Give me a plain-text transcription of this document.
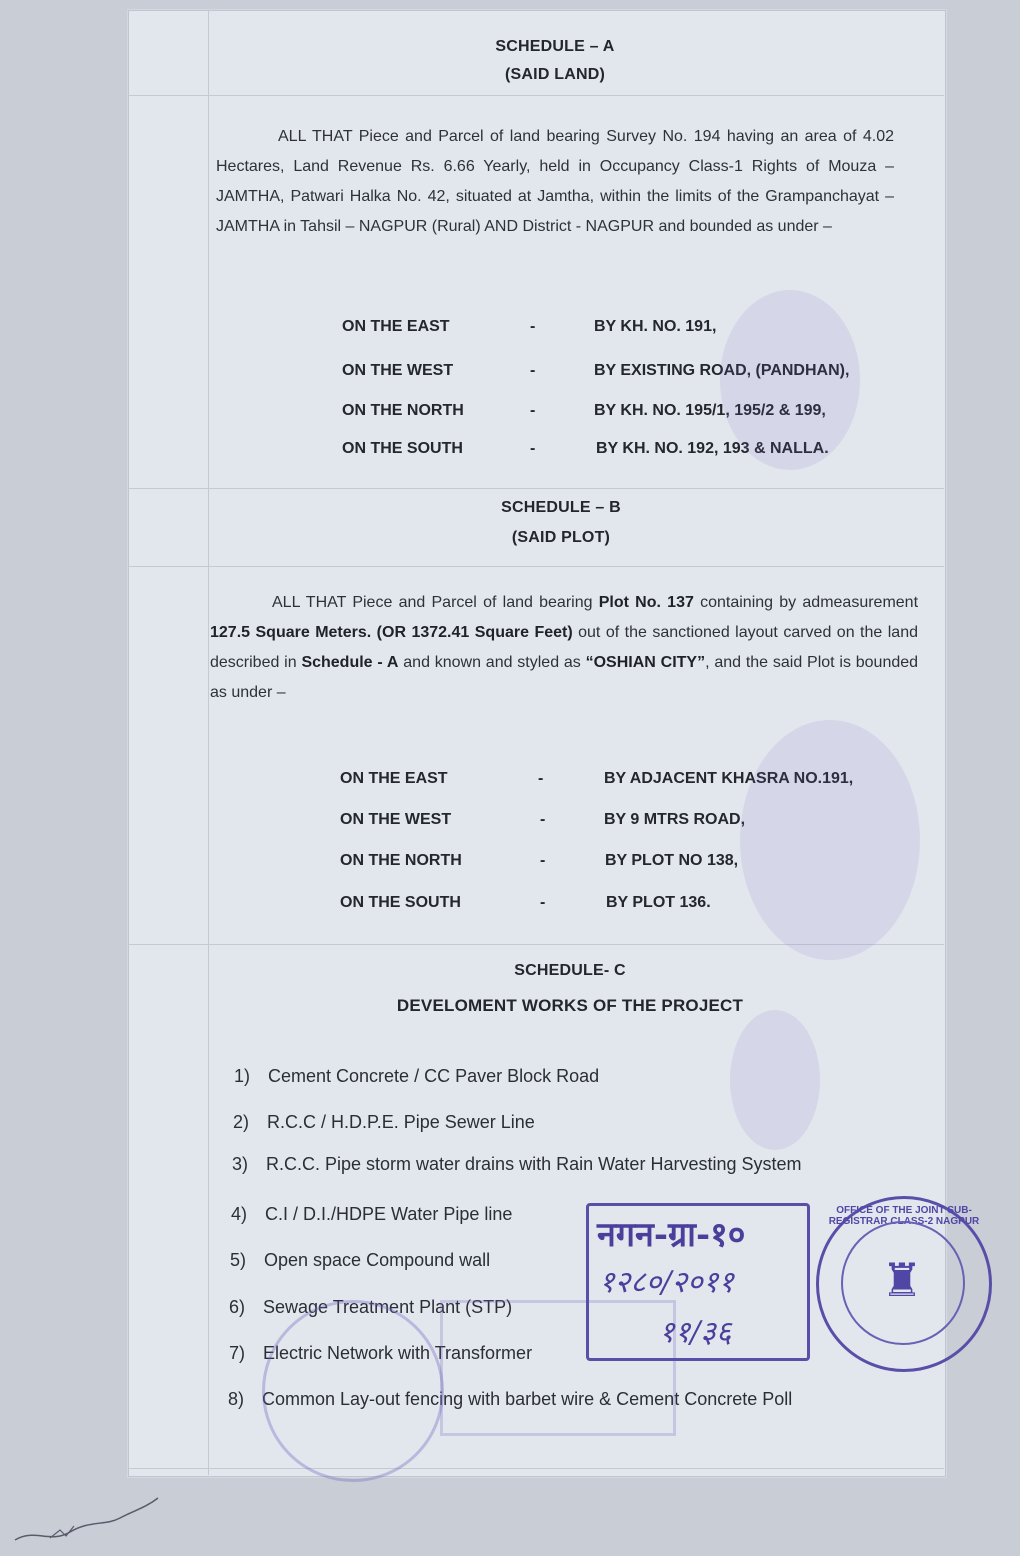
SCHEDULE – A
(SAID LAND)
ALL THAT Piece and Parcel of land bearing Survey No. 194 having an area of 4.02 Hectares, Land Revenue Rs. 6.66 Yearly, held in Occupancy Class-1 Rights of Mouza – JAMTHA, Patwari Halka No. 42, situated at Jamtha, within the limits of the Grampanchayat – JAMTHA in Tahsil – NAGPUR (Rural) AND District - NAGPUR and bounded as under –
ON THE EAST	-	BY KH. NO. 191,
ON THE WEST	-	BY EXISTING ROAD, (PANDHAN),
ON THE NORTH	-	BY KH. NO. 195/1, 195/2 & 199,
ON THE SOUTH	-	BY KH. NO. 192, 193 & NALLA.
SCHEDULE – B
(SAID PLOT)
ALL THAT Piece and Parcel of land bearing Plot No. 137 containing by admeasurement 127.5 Square Meters. (OR 1372.41 Square Feet) out of the sanctioned layout carved on the land described in Schedule - A and known and styled as “OSHIAN CITY”, and the said Plot is bounded as under –
ON THE EAST	-	BY ADJACENT KHASRA NO.191,
ON THE WEST	-	BY 9 MTRS ROAD,
ON THE NORTH	-	BY PLOT NO 138,
ON THE SOUTH	-	BY PLOT 136.
SCHEDULE- C
DEVELOMENT WORKS OF THE PROJECT
1) Cement Concrete / CC Paver Block Road
2) R.C.C / H.D.P.E. Pipe Sewer Line
3) R.C.C. Pipe storm water drains with Rain Water Harvesting System
4) C.I / D.I./HDPE Water Pipe line
5) Open space Compound wall
6) Sewage Treatment Plant (STP)
7) Electric Network with Transformer
8) Common Lay-out fencing with barbet wire & Cement Concrete Poll
नगन-ग्रा-१०
१२८०/२०११
११/३६
OFFICE OF THE JOINT SUB-REGISTRAR CLASS-2 NAGPUR
♜
